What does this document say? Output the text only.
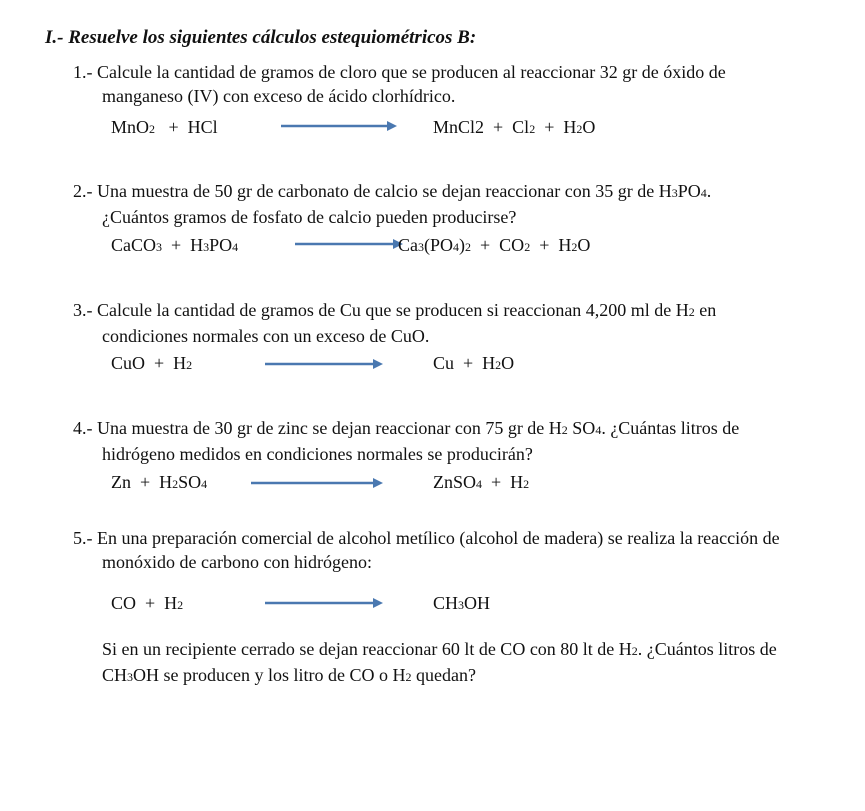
I.- Resuelve los siguientes cálculos estequiométricos B:
1.- Calcule la cantidad de gramos de cloro que se producen al reaccionar 32 gr de óxido de
manganeso (IV) con exceso de ácido clorhídrico.
MnO2 + HCl	MnCl2 + Cl2 + H2O
2.- Una muestra de 50 gr de carbonato de calcio se dejan reaccionar con 35 gr de H3PO4.
¿Cuántos gramos de fosfato de calcio pueden producirse?
CaCO3 + H3PO4	Ca3(PO4)2 + CO2 + H2O
3.- Calcule la cantidad de gramos de Cu que se producen si reaccionan 4,200 ml de H2 en
condiciones normales con un exceso de CuO.
CuO + H2	Cu + H2O
4.- Una muestra de 30 gr de zinc se dejan reaccionar con 75 gr de H2 SO4. ¿Cuántas litros de
hidrógeno medidos en condiciones normales se producirán?
Zn + H2SO4	ZnSO4 + H2
5.- En una preparación comercial de alcohol metílico (alcohol de madera) se realiza la reacción de
monóxido de carbono con hidrógeno:
CO + H2	CH3OH
Si en un recipiente cerrado se dejan reaccionar 60 lt de CO con 80 lt de H2. ¿Cuántos litros de
CH3OH se producen y los litro de CO o H2 quedan?
